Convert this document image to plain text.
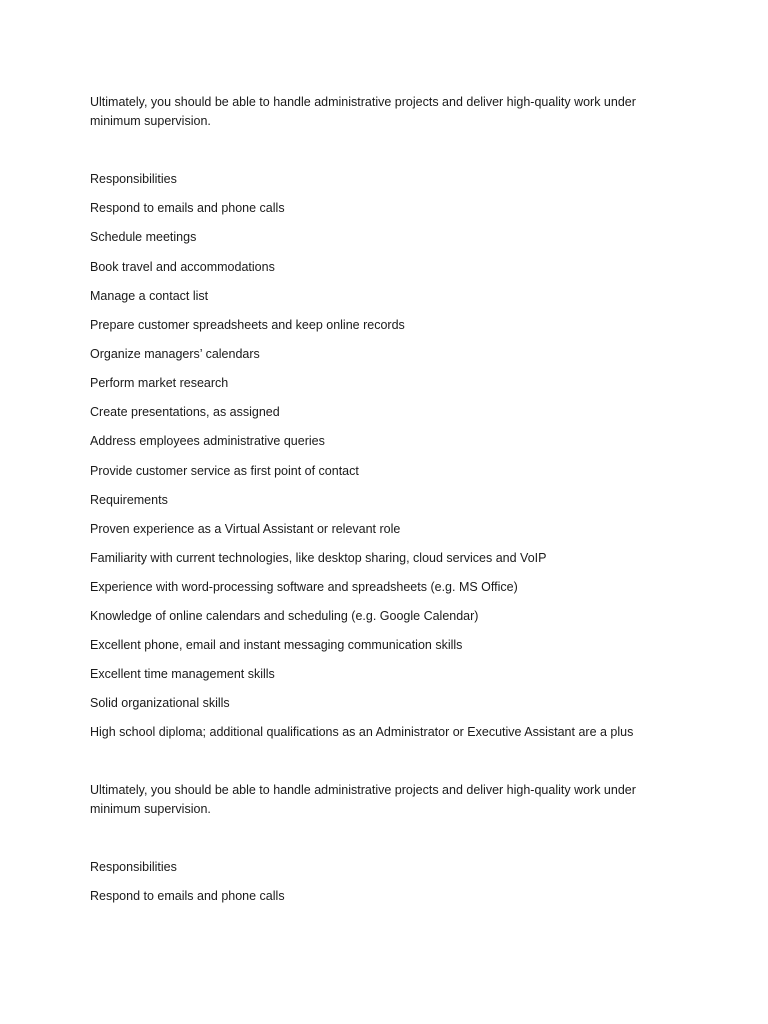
Ultimately, you should be able to handle administrative projects and deliver high-quality work under minimum supervision.

Responsibilities

Respond to emails and phone calls

Schedule meetings

Book travel and accommodations

Manage a contact list

Prepare customer spreadsheets and keep online records

Organize managers’ calendars

Perform market research

Create presentations, as assigned

Address employees administrative queries

Provide customer service as first point of contact

Requirements

Proven experience as a Virtual Assistant or relevant role

Familiarity with current technologies, like desktop sharing, cloud services and VoIP

Experience with word-processing software and spreadsheets (e.g. MS Office)

Knowledge of online calendars and scheduling (e.g. Google Calendar)

Excellent phone, email and instant messaging communication skills

Excellent time management skills

Solid organizational skills

High school diploma; additional qualifications as an Administrator or Executive Assistant are a plus

Ultimately, you should be able to handle administrative projects and deliver high-quality work under minimum supervision.

Responsibilities

Respond to emails and phone calls
